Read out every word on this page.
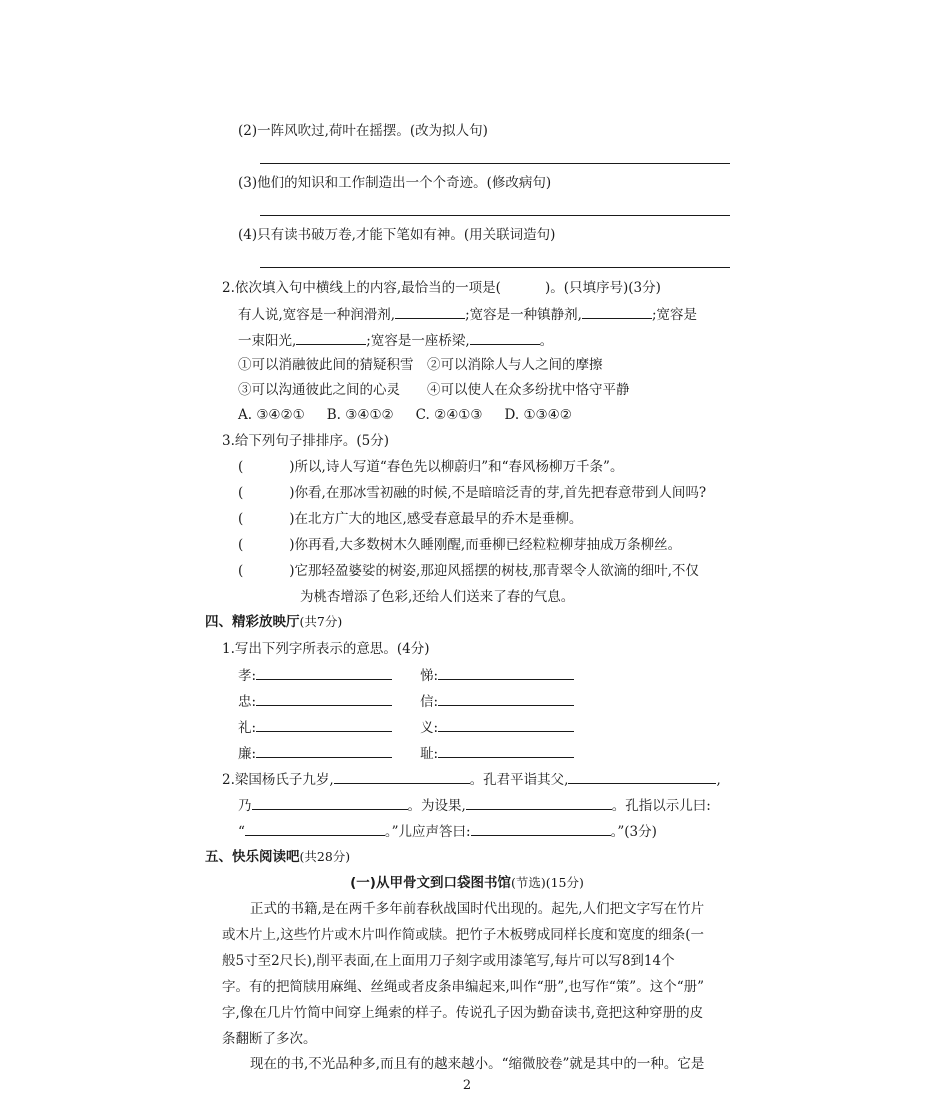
(2)一阵风吹过,荷叶在摇摆。(改为拟人句)
(3)他们的知识和工作制造出一个个奇迹。(修改病句)
(4)只有读书破万卷,才能下笔如有神。(用关联词造句)
2.依次填入句中横线上的内容,最恰当的一项是(	)。(只填序号)(3分)
有人说,宽容是一种润滑剂,	;宽容是一种镇静剂,	;宽容是
一束阳光,	;宽容是一座桥梁,	。
①可以消融彼此间的猜疑积雪　②可以消除人与人之间的摩擦
③可以沟通彼此之间的心灵　　④可以使人在众多纷扰中恪守平静
A. ③④②① B. ③④①② C. ②④①③ D. ①③④②
3.给下列句子排排序。(5分)
(	)所以,诗人写道“春色先以柳蔚归”和“春风杨柳万千条”。
(	)你看,在那冰雪初融的时候,不是暗暗泛青的芽,首先把春意带到人间吗?
(	)在北方广大的地区,感受春意最早的乔木是垂柳。
(	)你再看,大多数树木久睡刚醒,而垂柳已经粒粒柳芽抽成万条柳丝。
(	)它那轻盈婆娑的树姿,那迎风摇摆的树枝,那青翠令人欲滴的细叶,不仅
为桃杏增添了色彩,还给人们送来了春的气息。
四、精彩放映厅(共7分)
1.写出下列字所表示的意思。(4分)
孝:	悌:
忠:	信:
礼:	义:
廉:	耻:
2.梁国杨氏子九岁,	。孔君平诣其父,	,
乃	。为设果,	。孔指以示儿曰:
“	。”儿应声答曰:	。”(3分)
五、快乐阅读吧(共28分)
(一)从甲骨文到口袋图书馆(节选)(15分)
正式的书籍,是在两千多年前春秋战国时代出现的。起先,人们把文字写在竹片
或木片上,这些竹片或木片叫作简或牍。把竹子木板劈成同样长度和宽度的细条(一
般5寸至2尺长),削平表面,在上面用刀子刻字或用漆笔写,每片可以写8到14个
字。有的把简牍用麻绳、丝绳或者皮条串编起来,叫作“册”,也写作“策”。这个“册”
字,像在几片竹简中间穿上绳索的样子。传说孔子因为勤奋读书,竟把这种穿册的皮
条翻断了多次。
现在的书,不光品种多,而且有的越来越小。“缩微胶卷”就是其中的一种。它是
2
